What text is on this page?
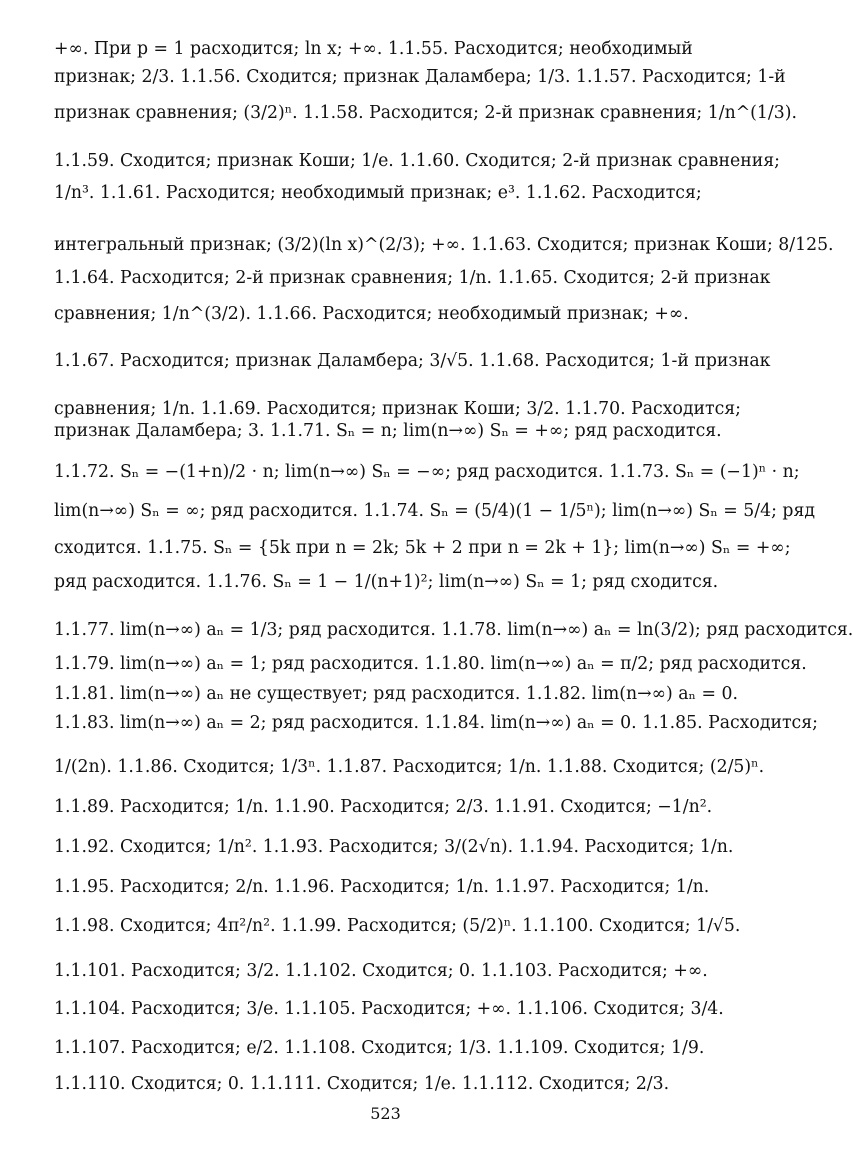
+∞. При p = 1 расходится; ln x; +∞. 1.1.55. Расходится; необходимый
признак; 2/3. 1.1.56. Сходится; признак Даламбера; 1/3. 1.1.57. Расходится; 1-й
признак сравнения; (3/2)ⁿ. 1.1.58. Расходится; 2-й признак сравнения; 1/n^(1/3).
1.1.59. Сходится; признак Коши; 1/e. 1.1.60. Сходится; 2-й признак сравнения;
1/n³. 1.1.61. Расходится; необходимый признак; e³. 1.1.62. Расходится;
интегральный признак; (3/2)(ln x)^(2/3); +∞. 1.1.63. Сходится; признак Коши; 8/125.
1.1.64. Расходится; 2-й признак сравнения; 1/n. 1.1.65. Сходится; 2-й признак
сравнения; 1/n^(3/2). 1.1.66. Расходится; необходимый признак; +∞.
1.1.67. Расходится; признак Даламбера; 3/√5. 1.1.68. Расходится; 1-й признак
сравнения; 1/n. 1.1.69. Расходится; признак Коши; 3/2. 1.1.70. Расходится;
признак Даламбера; 3. 1.1.71. Sₙ = n; lim(n→∞) Sₙ = +∞; ряд расходится.
1.1.72. Sₙ = −(1+n)/2 · n; lim(n→∞) Sₙ = −∞; ряд расходится. 1.1.73. Sₙ = (−1)ⁿ · n;
lim(n→∞) Sₙ = ∞; ряд расходится. 1.1.74. Sₙ = (5/4)(1 − 1/5ⁿ); lim(n→∞) Sₙ = 5/4; ряд
сходится. 1.1.75. Sₙ = {5k при n = 2k; 5k + 2 при n = 2k + 1}; lim(n→∞) Sₙ = +∞;
ряд расходится. 1.1.76. Sₙ = 1 − 1/(n+1)²; lim(n→∞) Sₙ = 1; ряд сходится.
1.1.77. lim(n→∞) aₙ = 1/3; ряд расходится. 1.1.78. lim(n→∞) aₙ = ln(3/2); ряд расходится.
1.1.79. lim(n→∞) aₙ = 1; ряд расходится. 1.1.80. lim(n→∞) aₙ = π/2; ряд расходится.
1.1.81. lim(n→∞) aₙ не существует; ряд расходится. 1.1.82. lim(n→∞) aₙ = 0.
1.1.83. lim(n→∞) aₙ = 2; ряд расходится. 1.1.84. lim(n→∞) aₙ = 0. 1.1.85. Расходится;
1/(2n). 1.1.86. Сходится; 1/3ⁿ. 1.1.87. Расходится; 1/n. 1.1.88. Сходится; (2/5)ⁿ.
1.1.89. Расходится; 1/n. 1.1.90. Расходится; 2/3. 1.1.91. Сходится; −1/n².
1.1.92. Сходится; 1/n². 1.1.93. Расходится; 3/(2√n). 1.1.94. Расходится; 1/n.
1.1.95. Расходится; 2/n. 1.1.96. Расходится; 1/n. 1.1.97. Расходится; 1/n.
1.1.98. Сходится; 4π²/n². 1.1.99. Расходится; (5/2)ⁿ. 1.1.100. Сходится; 1/√5.
1.1.101. Расходится; 3/2. 1.1.102. Сходится; 0. 1.1.103. Расходится; +∞.
1.1.104. Расходится; 3/e. 1.1.105. Расходится; +∞. 1.1.106. Сходится; 3/4.
1.1.107. Расходится; e/2. 1.1.108. Сходится; 1/3. 1.1.109. Сходится; 1/9.
1.1.110. Сходится; 0. 1.1.111. Сходится; 1/e. 1.1.112. Сходится; 2/3.
523
